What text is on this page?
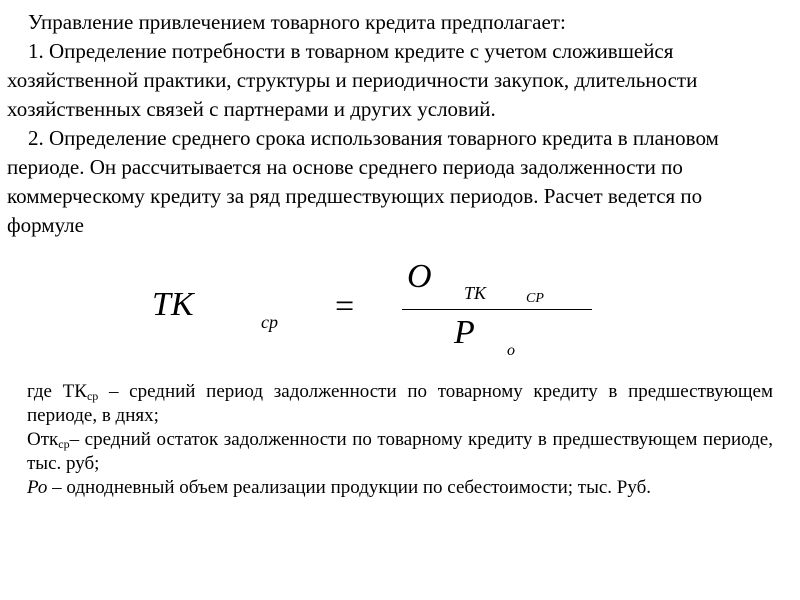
Управление привлечением товарного кредита предполагает:

1. Определение потребности в товарном кредите с учетом сложившейся хозяйственной практики, структуры и периодичности закупок, длительности хозяйственных связей с партнерами и других условий.

2. Определение среднего срока использования товарного кредита в плановом периоде. Он рассчитывается на основе среднего периода задолженности по коммерческому кредиту за ряд предшествующих периодов. Расчет ведется по формуле

ТК	ср =
О ТК	СР
Р о

где $ТК_{ср}$ – средний период задолженности по товарному кредиту в предшествующем периоде, в днях;

Отк$_{ср}$– средний остаток задолженности по товарному кредиту в предшествующем периоде, тыс. руб;

Ро – однодневный объем реализации продукции по себестоимости; тыс. Руб.
